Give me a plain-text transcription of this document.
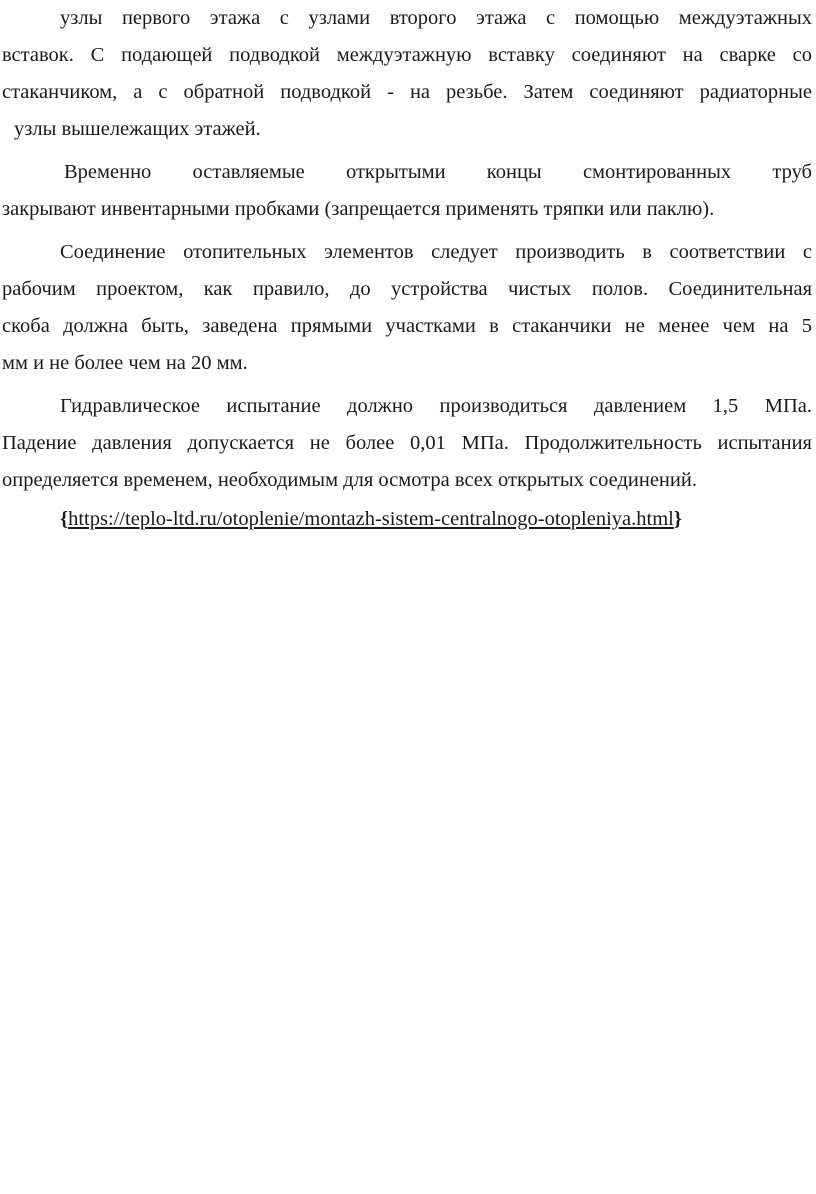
узлы первого этажа с узлами второго этажа с помощью междуэтажных
вставок. С подающей подводкой междуэтажную вставку соединяют на сварке со
стаканчиком, а с обратной подводкой - на резьбе. Затем соединяют радиаторные
узлы вышележащих этажей.
Временно оставляемые открытыми концы смонтированных труб
закрывают инвентарными пробками (запрещается применять тряпки или паклю).
Соединение отопительных элементов следует производить в соответствии с
рабочим проектом, как правило, до устройства чистых полов. Соединительная
скоба должна быть, заведена прямыми участками в стаканчики не менее чем на 5
мм и не более чем на 20 мм.
Гидравлическое испытание должно производиться давлением 1,5 МПа.
Падение давления допускается не более 0,01 МПа. Продолжительность испытания
определяется временем, необходимым для осмотра всех открытых соединений.
{https://teplo-ltd.ru/otoplenie/montazh-sistem-centralnogo-otopleniya.html}
